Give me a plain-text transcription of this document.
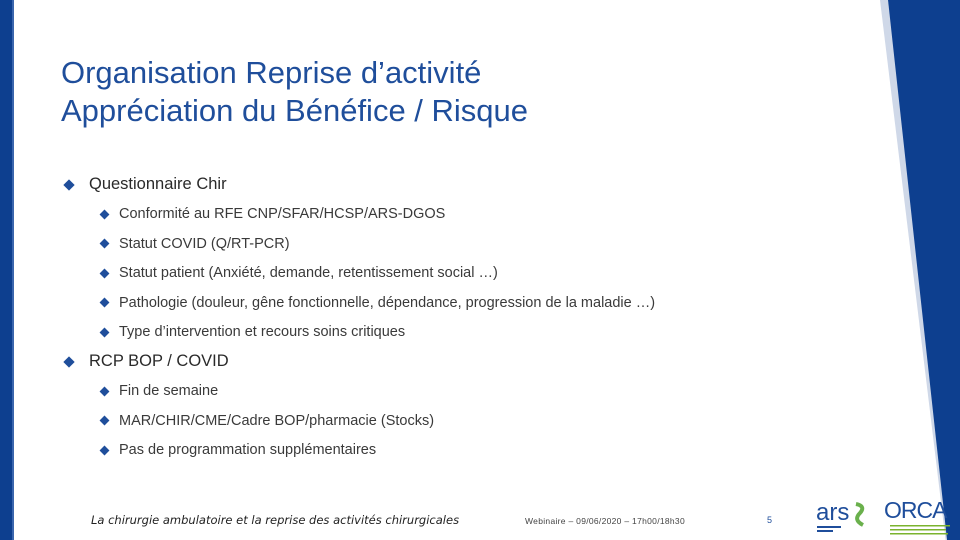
Organisation Reprise d’activité
Appréciation du Bénéfice / Risque
Questionnaire Chir
Conformité au RFE CNP/SFAR/HCSP/ARS-DGOS
Statut COVID (Q/RT-PCR)
Statut patient (Anxiété, demande, retentissement social …)
Pathologie (douleur, gêne fonctionnelle, dépendance, progression de la maladie …)
Type d’intervention et recours soins critiques
RCP BOP / COVID
Fin de semaine
MAR/CHIR/CME/Cadre BOP/pharmacie (Stocks)
Pas de programmation supplémentaires
La chirurgie ambulatoire et la reprise des activités chirurgicales	Webinaire – 09/06/2020 – 17h00/18h30	5 ars ORCA
